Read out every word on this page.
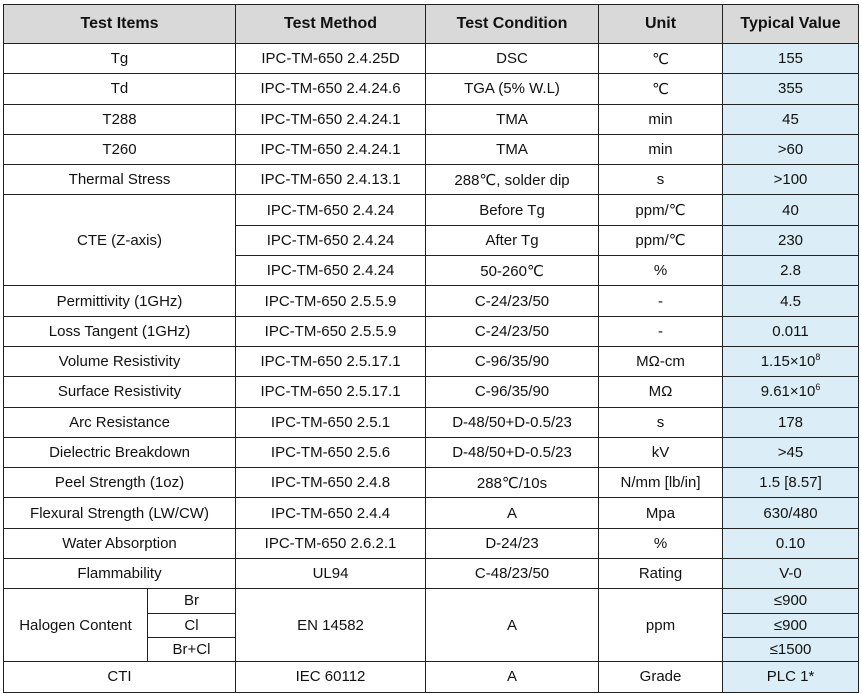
Test Items		Test Method	Test Condition	Unit	Typical Value
Tg		IPC-TM-650 2.4.25D	DSC	℃	155
Td		IPC-TM-650 2.4.24.6	TGA (5% W.L)	℃	355
T288		IPC-TM-650 2.4.24.1	TMA	min	45
T260		IPC-TM-650 2.4.24.1	TMA	min	>60
Thermal Stress		IPC-TM-650 2.4.13.1	288℃, solder dip	s	>100
CTE (Z-axis)		IPC-TM-650 2.4.24	Before Tg	ppm/℃	40
		IPC-TM-650 2.4.24	After Tg	ppm/℃	230
		IPC-TM-650 2.4.24	50-260℃	%	2.8
Permittivity (1GHz)		IPC-TM-650 2.5.5.9	C-24/23/50	-	4.5
Loss Tangent (1GHz)		IPC-TM-650 2.5.5.9	C-24/23/50	-	0.011
Volume Resistivity		IPC-TM-650 2.5.17.1	C-96/35/90	MΩ-cm	$1.15\times 10^8$
Surface Resistivity		IPC-TM-650 2.5.17.1	C-96/35/90	MΩ	$9.61\times 10^6$
Arc Resistance		IPC-TM-650 2.5.1	D-48/50+D-0.5/23	s	178
Dielectric Breakdown		IPC-TM-650 2.5.6	D-48/50+D-0.5/23	kV	>45
Peel Strength (1oz)		IPC-TM-650 2.4.8	288℃/10s	N/mm [lb/in]	1.5 [8.57]
Flexural Strength (LW/CW)		IPC-TM-650 2.4.4	A	Mpa	630/480
Water Absorption		IPC-TM-650 2.6.2.1	D-24/23	%	0.10
Flammability		UL94	C-48/23/50	Rating	V-0
Halogen Content	Br	EN 14582	A	ppm	≤900
	Cl				≤900
	Br+Cl				≤1500
CTI		IEC 60112	A	Grade	PLC 1*
